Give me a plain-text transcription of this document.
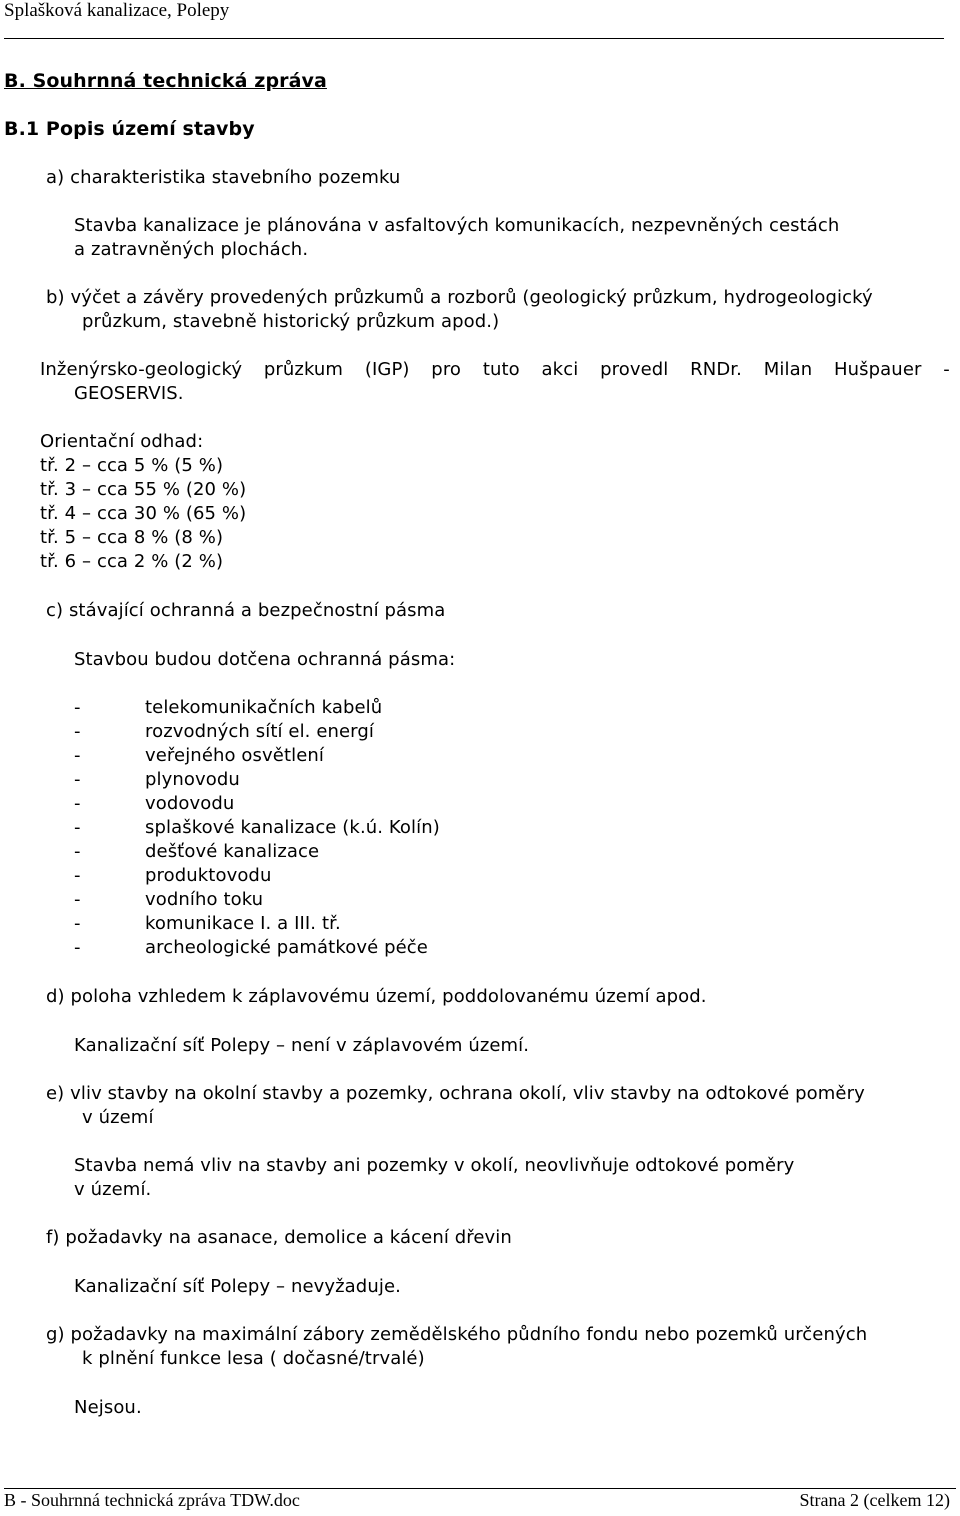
Splašková kanalizace, Polepy
B. Souhrnná technická zpráva
B.1 Popis území stavby
a) charakteristika stavebního pozemku
Stavba kanalizace je plánována v asfaltových komunikacích, nezpevněných cestách
a zatravněných plochách.
b) výčet a závěry provedených průzkumů a rozborů (geologický průzkum, hydrogeologický
průzkum, stavebně historický průzkum apod.)
Inženýrsko-geologický průzkum (IGP) pro tuto akci provedl RNDr. Milan Hušpauer -
GEOSERVIS.
Orientační odhad:
tř. 2 – cca 5 % (5 %)
tř. 3 – cca 55 % (20 %)
tř. 4 – cca 30 % (65 %)
tř. 5 – cca 8 % (8 %)
tř. 6 – cca 2 % (2 %)
c) stávající ochranná a bezpečnostní pásma
Stavbou budou dotčena ochranná pásma:
-	telekomunikačních kabelů
-	rozvodných sítí el. energí
-	veřejného osvětlení
-	plynovodu
-	vodovodu
-	splaškové kanalizace (k.ú. Kolín)
-	dešťové kanalizace
-	produktovodu
-	vodního toku
-	komunikace I. a III. tř.
-	archeologické památkové péče
d) poloha vzhledem k záplavovému území, poddolovanému území apod.
Kanalizační síť Polepy – není v záplavovém území.
e) vliv stavby na okolní stavby a pozemky, ochrana okolí, vliv stavby na odtokové poměry
v území
Stavba nemá vliv na stavby ani pozemky v okolí, neovlivňuje odtokové poměry
v území.
f) požadavky na asanace, demolice a kácení dřevin
Kanalizační síť Polepy – nevyžaduje.
g) požadavky na maximální zábory zemědělského půdního fondu nebo pozemků určených
k plnění funkce lesa ( dočasné/trvalé)
Nejsou.
B - Souhrnná technická zpráva TDW.doc	Strana 2 (celkem 12)
